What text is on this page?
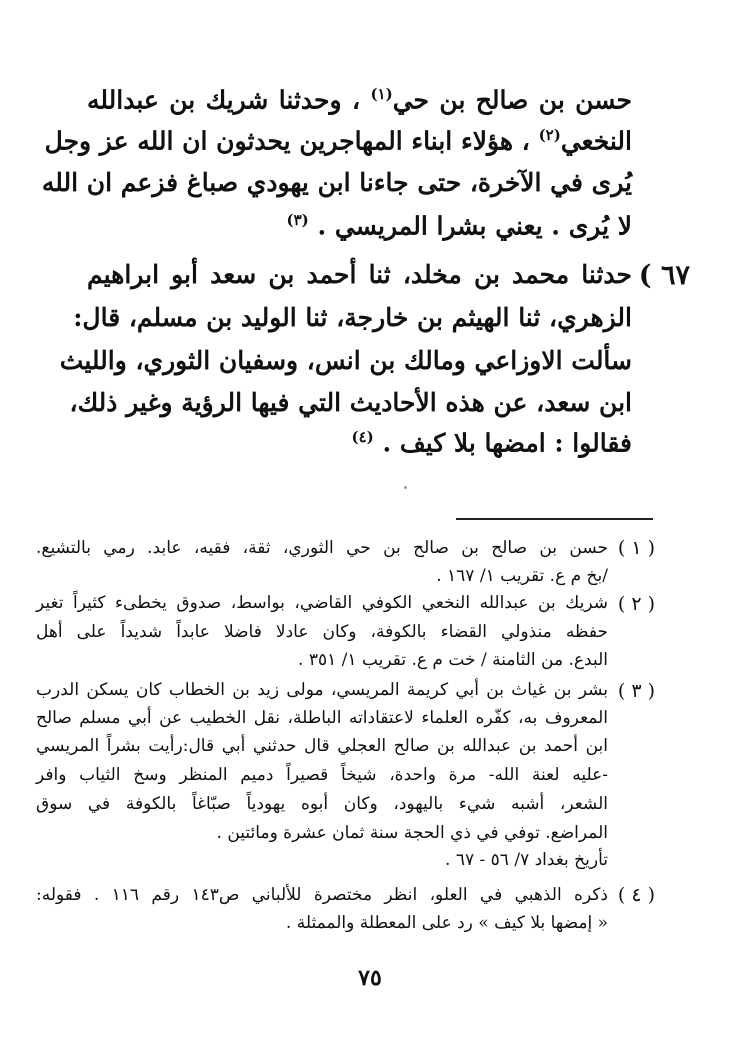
حسن بن صالح بن حي$^{(١)}$ ، وحدثنا شريك بن عبدالله
النخعي$^{(٢)}$ ، هؤلاء ابناء المهاجرين يحدثون ان الله عز وجل
يُرى في الآخرة، حتى جاءنا ابن يهودي صباغ فزعم ان الله
لا يُرى . يعني بشرا المريسي . $^{(٣)}$
٦٧ )
حدثنا محمد بن مخلد، ثنا أحمد بن سعد أبو ابراهيم
الزهري، ثنا الهيثم بن خارجة، ثنا الوليد بن مسلم، قال:
سألت الاوزاعي ومالك بن انس، وسفيان الثوري، والليث
ابن سعد، عن هذه الأحاديث التي فيها الرؤية وغير ذلك،
فقالوا : امضها بلا كيف . $^{(٤)}$
( ١ )
حسن بن صالح بن صالح بن حي الثوري، ثقة، فقيه، عابد. رمي بالتشيع.
/بخ م ع. تقريب ١/ ١٦٧ .
( ٢ )
شريك بن عبدالله النخعي الكوفي القاضي، بواسط، صدوق يخطىء كثيراً تغير
حفظه منذولي القضاء بالكوفة، وكان عادلا فاضلا عابداً شديداً على أهل
البدع. من الثامنة / خت م ع. تقريب ١/ ٣٥١ .
( ٣ )
بشر بن غياث بن أبي كريمة المريسي، مولى زيد بن الخطاب كان يسكن الدرب
المعروف به، كفّره العلماء لاعتقاداته الباطلة، نقل الخطيب عن أبي مسلم صالح
ابن أحمد بن عبدالله بن صالح العجلي قال حدثني أبي قال:رأيت بشراً المريسي
-عليه لعنة الله- مرة واحدة، شيخاً قصيراً دميم المنظر وسخ الثياب وافر
الشعر، أشبه شيء باليهود، وكان أبوه يهودياً صبّاغاً بالكوفة في سوق
المراضع. توفي في ذي الحجة سنة ثمان عشرة ومائتين .
تأريخ بغداد ٧/ ٥٦ - ٦٧ .
( ٤ )
ذكره الذهبي في العلو، انظر مختصرة للألباني ص١٤٣ رقم ١١٦ . فقوله:
« إمضها بلا كيف » رد على المعطلة والممثلة .
٧٥
